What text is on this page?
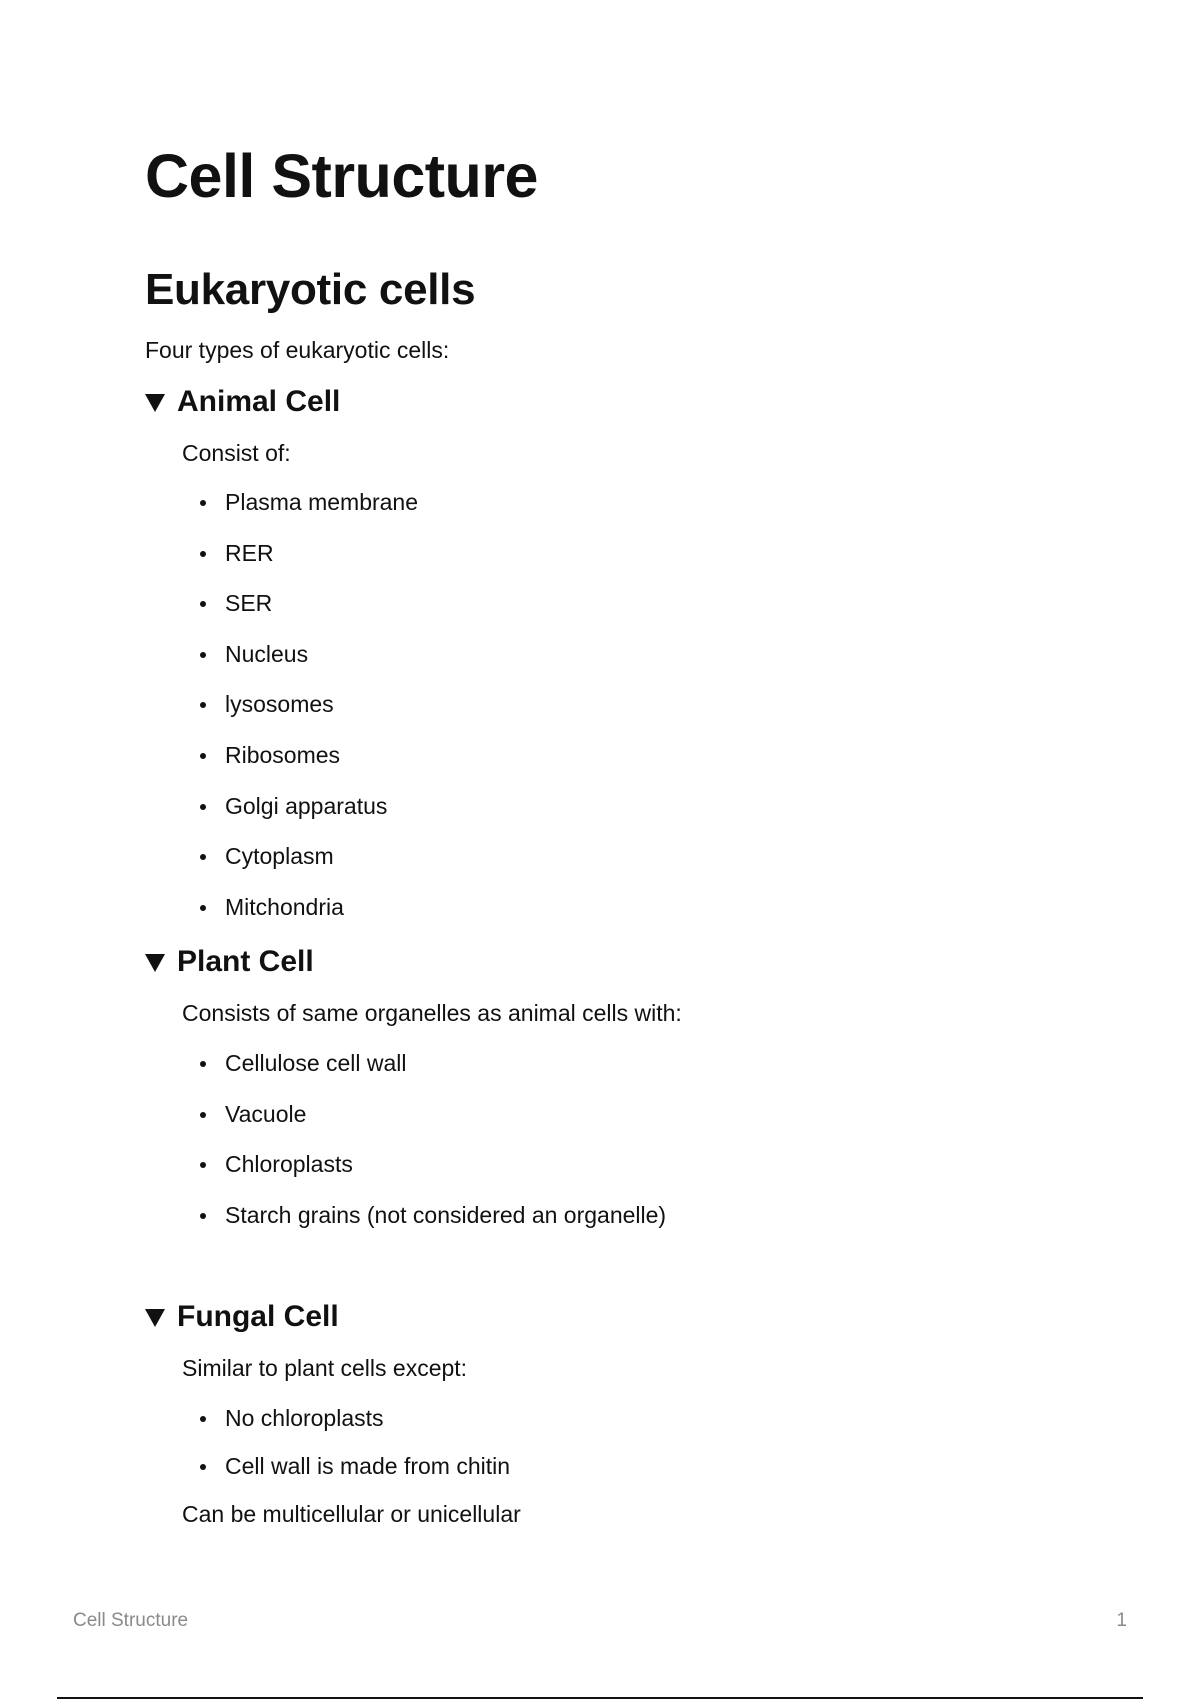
Cell Structure
Eukaryotic cells

Four types of eukaryotic cells:

Animal Cell

Consist of:

Plasma membrane
RER
SER
Nucleus
lysosomes
Ribosomes
Golgi apparatus
Cytoplasm
Mitchondria
Plant Cell

Consists of same organelles as animal cells with:

Cellulose cell wall
Vacuole
Chloroplasts
Starch grains (not considered an organelle)
Fungal Cell

Similar to plant cells except:

No chloroplasts
Cell wall is made from chitin

Can be multicellular or unicellular

Cell Structure	1
